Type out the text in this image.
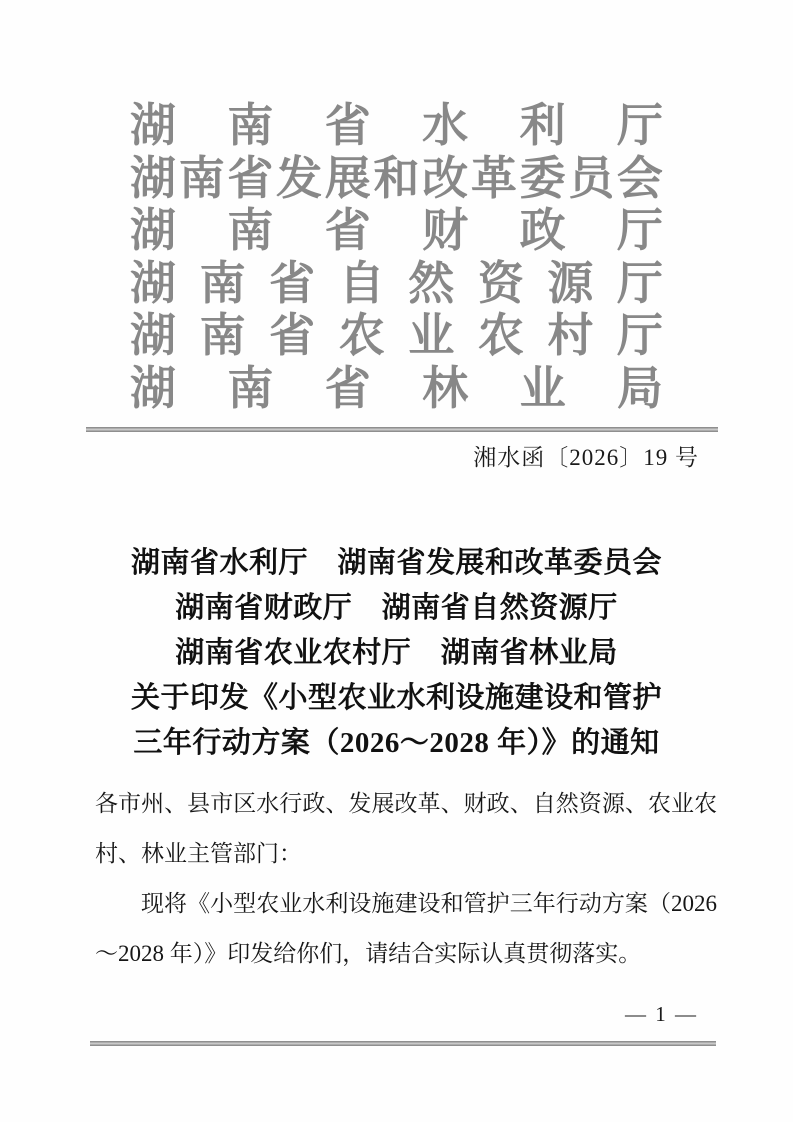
湖 南 省 水 利 厅
湖 南 省 发 展 和 改 革 委 员 会
湖 南 省 财 政 厅
湖 南 省 自 然 资 源 厅
湖 南 省 农 业 农 村 厅
湖 南 省 林 业 局
湘水函〔2026〕19 号
湖南省水利厅　湖南省发展和改革委员会
湖南省财政厅　湖南省自然资源厅
湖南省农业农村厅　湖南省林业局
关于印发《小型农业水利设施建设和管护
三年行动方案（2026～2028 年）》的通知

各市州、县市区水行政、发展改革、财政、自然资源、农业农村、林业主管部门：

现将《小型农业水利设施建设和管护三年行动方案（2026～2028 年）》印发给你们，请结合实际认真贯彻落实。

— 1 —
